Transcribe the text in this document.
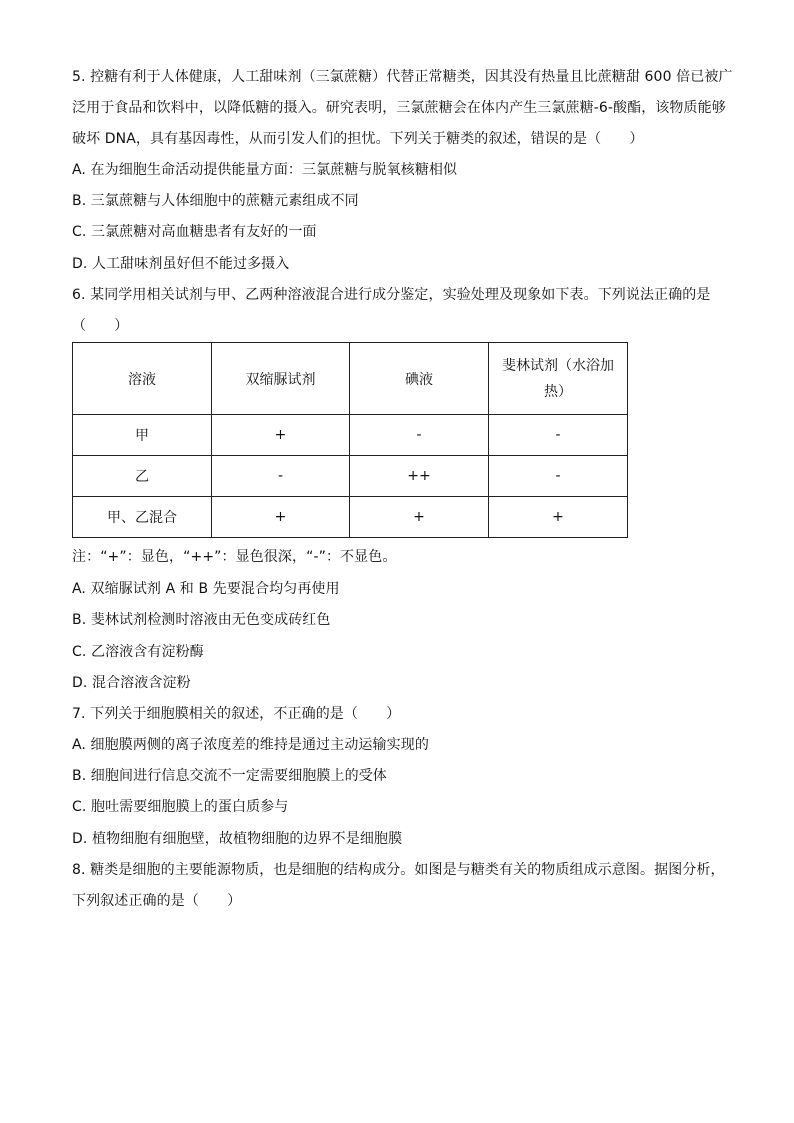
5. 控糖有利于人体健康，人工甜味剂（三氯蔗糖）代替正常糖类，因其没有热量且比蔗糖甜 600 倍已被广
泛用于食品和饮料中，以降低糖的摄入。研究表明，三氯蔗糖会在体内产生三氯蔗糖-6-酸酯，该物质能够
破坏 DNA，具有基因毒性，从而引发人们的担忧。下列关于糖类的叙述，错误的是（　　）
A. 在为细胞生命活动提供能量方面：三氯蔗糖与脱氧核糖相似
B. 三氯蔗糖与人体细胞中的蔗糖元素组成不同
C. 三氯蔗糖对高血糖患者有友好的一面
D. 人工甜味剂虽好但不能过多摄入
6. 某同学用相关试剂与甲、乙两种溶液混合进行成分鉴定，实验处理及现象如下表。下列说法正确的是
（　　）
溶液	双缩脲试剂	碘液	斐林试剂（水浴加热）
甲	+	-	-
乙	-	++	-
甲、乙混合	+	+	+
注：“+”：显色，“++”：显色很深，“-”：不显色。
A. 双缩脲试剂 A 和 B 先要混合均匀再使用
B. 斐林试剂检测时溶液由无色变成砖红色
C. 乙溶液含有淀粉酶
D. 混合溶液含淀粉
7. 下列关于细胞膜相关的叙述，不正确的是（　　）
A. 细胞膜两侧的离子浓度差的维持是通过主动运输实现的
B. 细胞间进行信息交流不一定需要细胞膜上的受体
C. 胞吐需要细胞膜上的蛋白质参与
D. 植物细胞有细胞壁，故植物细胞的边界不是细胞膜
8. 糖类是细胞的主要能源物质，也是细胞的结构成分。如图是与糖类有关的物质组成示意图。据图分析，
下列叙述正确的是（　　）
